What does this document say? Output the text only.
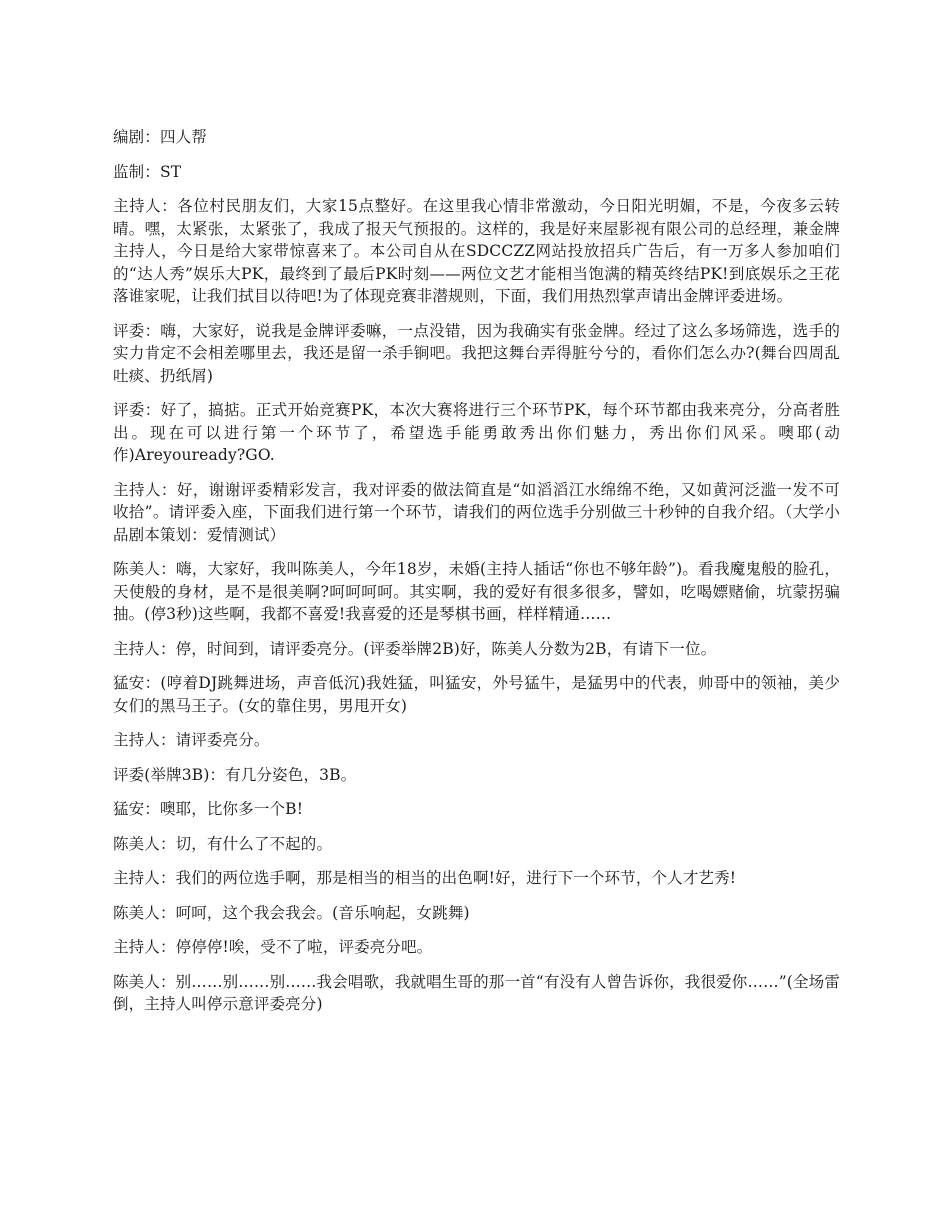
编剧：四人帮

监制：ST

主持人：各位村民朋友们，大家15点整好。在这里我心情非常激动，今日阳光明媚，不是，今夜多云转晴。嘿，太紧张，太紧张了，我成了报天气预报的。这样的，我是好来屋影视有限公司的总经理，兼金牌主持人，今日是给大家带惊喜来了。本公司自从在SDCCZZ网站投放招兵广告后，有一万多人参加咱们的“达人秀”娱乐大PK，最终到了最后PK时刻——两位文艺才能相当饱满的精英终结PK!到底娱乐之王花落谁家呢，让我们拭目以待吧!为了体现竞赛非潜规则，下面，我们用热烈掌声请出金牌评委进场。

评委：嗨，大家好，说我是金牌评委嘛，一点没错，因为我确实有张金牌。经过了这么多场筛选，选手的实力肯定不会相差哪里去，我还是留一杀手锏吧。我把这舞台弄得脏兮兮的，看你们怎么办?(舞台四周乱吐痰、扔纸屑)

评委：好了，搞掂。正式开始竞赛PK，本次大赛将进行三个环节PK，每个环节都由我来亮分，分高者胜出。现在可以进行第一个环节了，希望选手能勇敢秀出你们魅力，秀出你们风采。噢耶(动作)Areyouready?GO.

主持人：好，谢谢评委精彩发言，我对评委的做法简直是“如滔滔江水绵绵不绝，又如黄河泛滥一发不可收拾”。请评委入座，下面我们进行第一个环节，请我们的两位选手分别做三十秒钟的自我介绍。（大学小品剧本策划：爱情测试）

陈美人：嗨，大家好，我叫陈美人，今年18岁，未婚(主持人插话“你也不够年龄”)。看我魔鬼般的脸孔，天使般的身材，是不是很美啊?呵呵呵呵。其实啊，我的爱好有很多很多，譬如，吃喝嫖赌偷，坑蒙拐骗抽。(停3秒)这些啊，我都不喜爱!我喜爱的还是琴棋书画，样样精通……

主持人：停，时间到，请评委亮分。(评委举牌2B)好，陈美人分数为2B，有请下一位。

猛安：(哼着DJ跳舞进场，声音低沉)我姓猛，叫猛安，外号猛牛，是猛男中的代表，帅哥中的领袖，美少女们的黑马王子。(女的靠住男，男甩开女)

主持人：请评委亮分。

评委(举牌3B)：有几分姿色，3B。

猛安：噢耶，比你多一个B!

陈美人：切，有什么了不起的。

主持人：我们的两位选手啊，那是相当的相当的出色啊!好，进行下一个环节，个人才艺秀!

陈美人：呵呵，这个我会我会。(音乐响起，女跳舞)

主持人：停停停!唉，受不了啦，评委亮分吧。

陈美人：别……别……别……我会唱歌，我就唱生哥的那一首“有没有人曾告诉你，我很爱你……”(全场雷倒，主持人叫停示意评委亮分)
